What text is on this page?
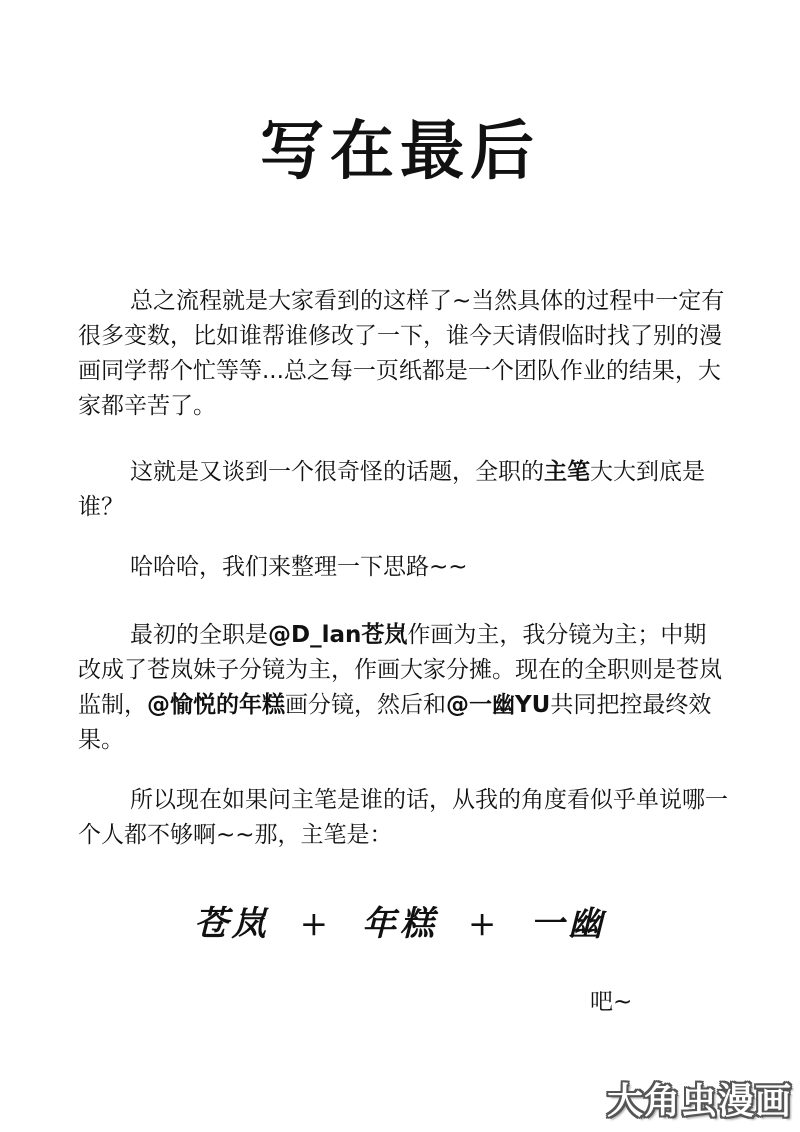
写在最后

总之流程就是大家看到的这样了~当然具体的过程中一定有很多变数，比如谁帮谁修改了一下，谁今天请假临时找了别的漫画同学帮个忙等等...总之每一页纸都是一个团队作业的结果，大家都辛苦了。

这就是又谈到一个很奇怪的话题，全职的主笔大大到底是谁？

哈哈哈，我们来整理一下思路~~

最初的全职是@D_lan苍岚作画为主，我分镜为主；中期改成了苍岚妹子分镜为主，作画大家分摊。现在的全职则是苍岚监制，@愉悦的年糕画分镜，然后和@一幽YU共同把控最终效果。

所以现在如果问主笔是谁的话，从我的角度看似乎单说哪一个人都不够啊~~那，主笔是：

苍岚 + 年糕 + 一幽
吧~
大角虫漫画
